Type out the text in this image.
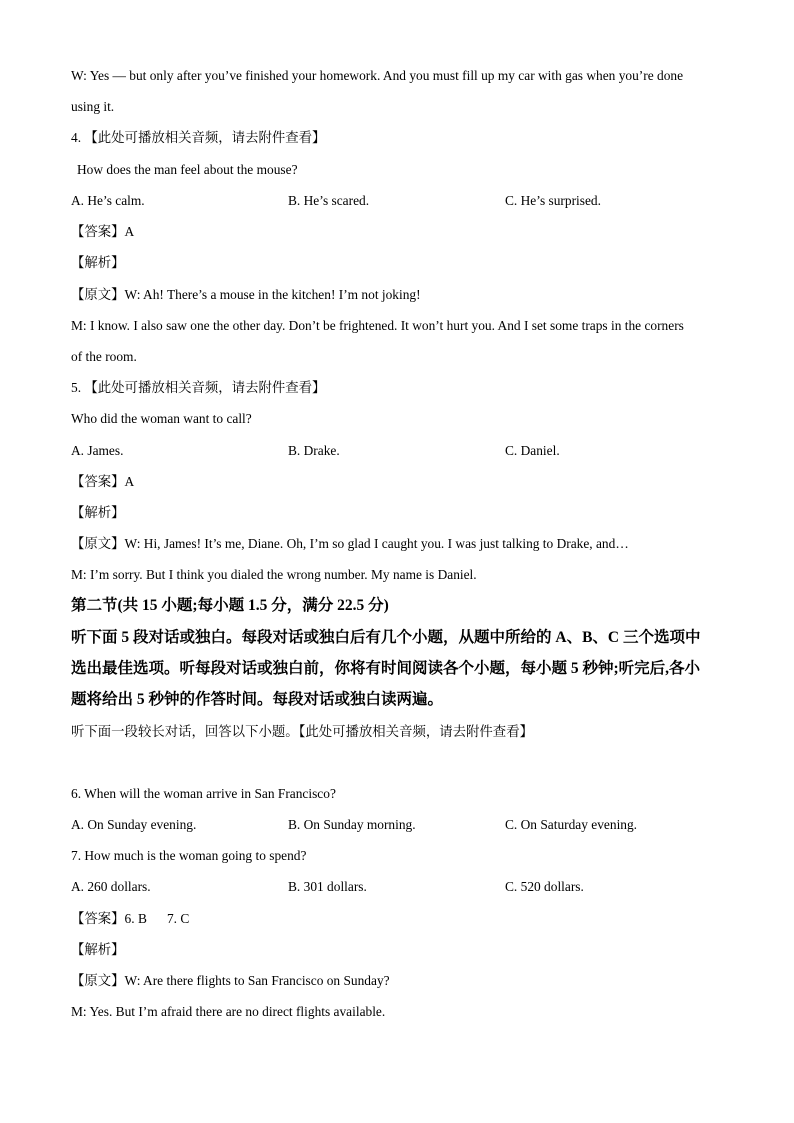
W: Yes — but only after you’ve finished your homework. And you must fill up my car with gas when you’re done
using it.
4. 【此处可播放相关音频，请去附件查看】
How does the man feel about the mouse?
A. He’s calm.	B. He’s scared.	C. He’s surprised.
【答案】A
【解析】
【原文】W: Ah! There’s a mouse in the kitchen! I’m not joking!
M: I know. I also saw one the other day. Don’t be frightened. It won’t hurt you. And I set some traps in the corners
of the room.
5. 【此处可播放相关音频，请去附件查看】
Who did the woman want to call?
A. James.	B. Drake.	C. Daniel.
【答案】A
【解析】
【原文】W: Hi, James! It’s me, Diane. Oh, I’m so glad I caught you. I was just talking to Drake, and…
M: I’m sorry. But I think you dialed the wrong number. My name is Daniel.
第二节(共 15 小题;每小题 1.5 分，满分 22.5 分)
听下面 5 段对话或独白。每段对话或独白后有几个小题，从题中所给的 A、B、C 三个选项中
选出最佳选项。听每段对话或独白前，你将有时间阅读各个小题，每小题 5 秒钟;听完后,各小
题将给出 5 秒钟的作答时间。每段对话或独白读两遍。
听下面一段较长对话，回答以下小题。【此处可播放相关音频，请去附件查看】
6. When will the woman arrive in San Francisco?
A. On Sunday evening.	B. On Sunday morning.	C. On Saturday evening.
7. How much is the woman going to spend?
A. 260 dollars.	B. 301 dollars.	C. 520 dollars.
【答案】6. B      7. C
【解析】
【原文】W: Are there flights to San Francisco on Sunday?
M: Yes. But I’m afraid there are no direct flights available.
